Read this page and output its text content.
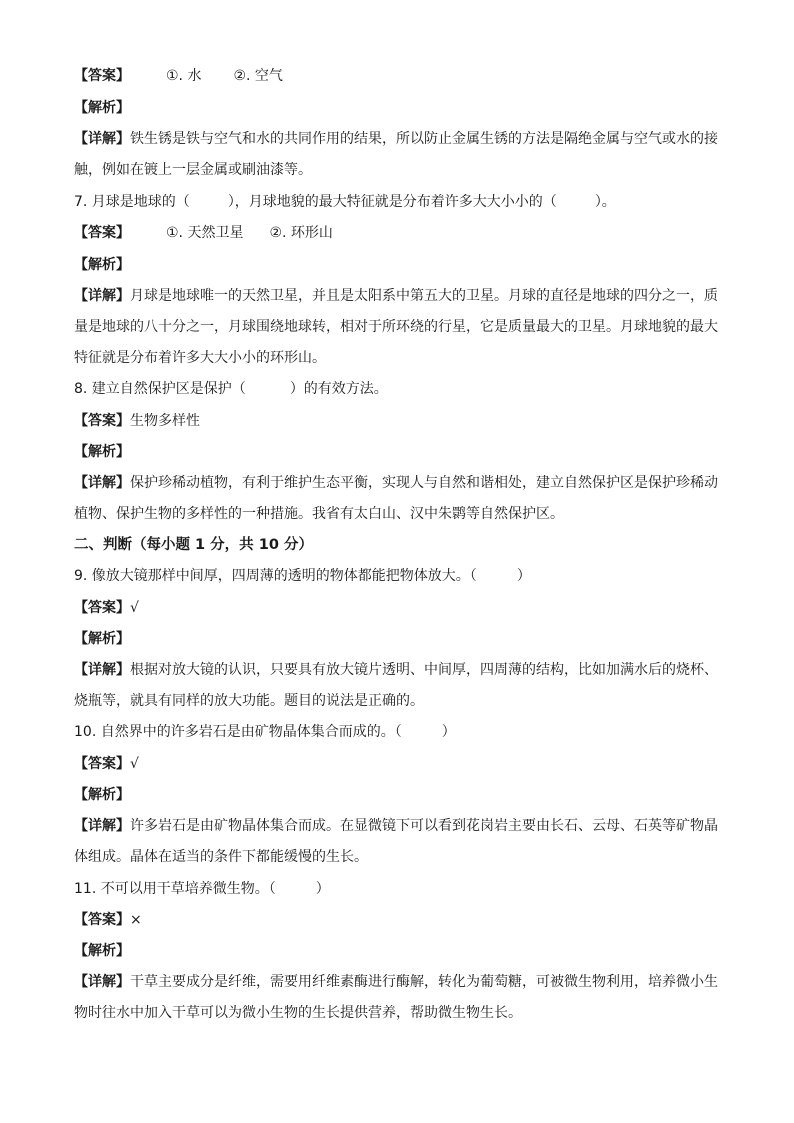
【答案】	①. 水 ②. 空气
【解析】
【详解】铁生锈是铁与空气和水的共同作用的结果，所以防止金属生锈的方法是隔绝金属与空气或水的接
触，例如在镀上一层金属或刷油漆等。
7. 月球是地球的（	），月球地貌的最大特征就是分布着许多大大小小的（	）。
【答案】	①. 天然卫星 ②. 环形山
【解析】
【详解】月球是地球唯一的天然卫星，并且是太阳系中第五大的卫星。月球的直径是地球的四分之一，质
量是地球的八十分之一，月球围绕地球转，相对于所环绕的行星，它是质量最大的卫星。月球地貌的最大
特征就是分布着许多大大小小的环形山。
8. 建立自然保护区是保护（	）的有效方法。
【答案】生物多样性
【解析】
【详解】保护珍稀动植物，有利于维护生态平衡，实现人与自然和谐相处，建立自然保护区是保护珍稀动
植物、保护生物的多样性的一种措施。我省有太白山、汉中朱鹮等自然保护区。
二、判断（每小题 1 分，共 10 分）
9. 像放大镜那样中间厚，四周薄的透明的物体都能把物体放大。（	）
【答案】√
【解析】
【详解】根据对放大镜的认识，只要具有放大镜片透明、中间厚，四周薄的结构，比如加满水后的烧杯、
烧瓶等，就具有同样的放大功能。题目的说法是正确的。
10. 自然界中的许多岩石是由矿物晶体集合而成的。（	）
【答案】√
【解析】
【详解】许多岩石是由矿物晶体集合而成。在显微镜下可以看到花岗岩主要由长石、云母、石英等矿物晶
体组成。晶体在适当的条件下都能缓慢的生长。
11. 不可以用干草培养微生物。（	）
【答案】×
【解析】
【详解】干草主要成分是纤维，需要用纤维素酶进行酶解，转化为葡萄糖，可被微生物利用，培养微小生
物时往水中加入干草可以为微小生物的生长提供营养，帮助微生物生长。
